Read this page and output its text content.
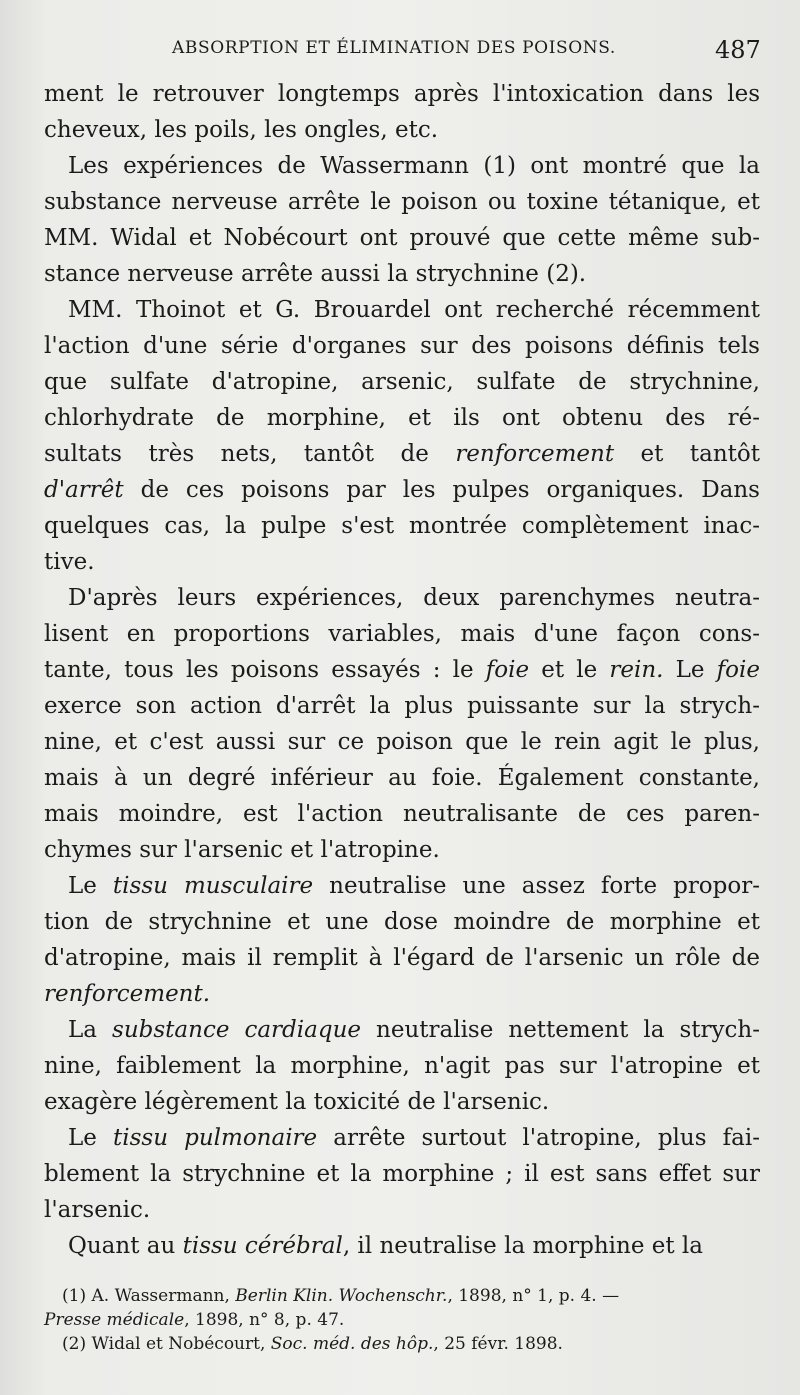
ABSORPTION ET ÉLIMINATION DES POISONS.	487
ment le retrouver longtemps après l'intoxication dans les
cheveux, les poils, les ongles, etc.
Les expériences de Wassermann (1) ont montré que la
substance nerveuse arrête le poison ou toxine tétanique, et
MM. Widal et Nobécourt ont prouvé que cette même sub-
stance nerveuse arrête aussi la strychnine (2).
MM. Thoinot et G. Brouardel ont recherché récemment
l'action d'une série d'organes sur des poisons définis tels
que sulfate d'atropine, arsenic, sulfate de strychnine,
chlorhydrate de morphine, et ils ont obtenu des ré-
sultats très nets, tantôt de renforcement et tantôt
d'arrêt de ces poisons par les pulpes organiques. Dans
quelques cas, la pulpe s'est montrée complètement inac-
tive.
D'après leurs expériences, deux parenchymes neutra-
lisent en proportions variables, mais d'une façon cons-
tante, tous les poisons essayés : le foie et le rein. Le foie
exerce son action d'arrêt la plus puissante sur la strych-
nine, et c'est aussi sur ce poison que le rein agit le plus,
mais à un degré inférieur au foie. Également constante,
mais moindre, est l'action neutralisante de ces paren-
chymes sur l'arsenic et l'atropine.
Le tissu musculaire neutralise une assez forte propor-
tion de strychnine et une dose moindre de morphine et
d'atropine, mais il remplit à l'égard de l'arsenic un rôle de
renforcement.
La substance cardiaque neutralise nettement la strych-
nine, faiblement la morphine, n'agit pas sur l'atropine et
exagère légèrement la toxicité de l'arsenic.
Le tissu pulmonaire arrête surtout l'atropine, plus fai-
blement la strychnine et la morphine ; il est sans effet sur
l'arsenic.
Quant au tissu cérébral, il neutralise la morphine et la
(1) A. Wassermann, Berlin Klin. Wochenschr., 1898, n° 1, p. 4. —
Presse médicale, 1898, n° 8, p. 47.
(2) Widal et Nobécourt, Soc. méd. des hôp., 25 févr. 1898.
